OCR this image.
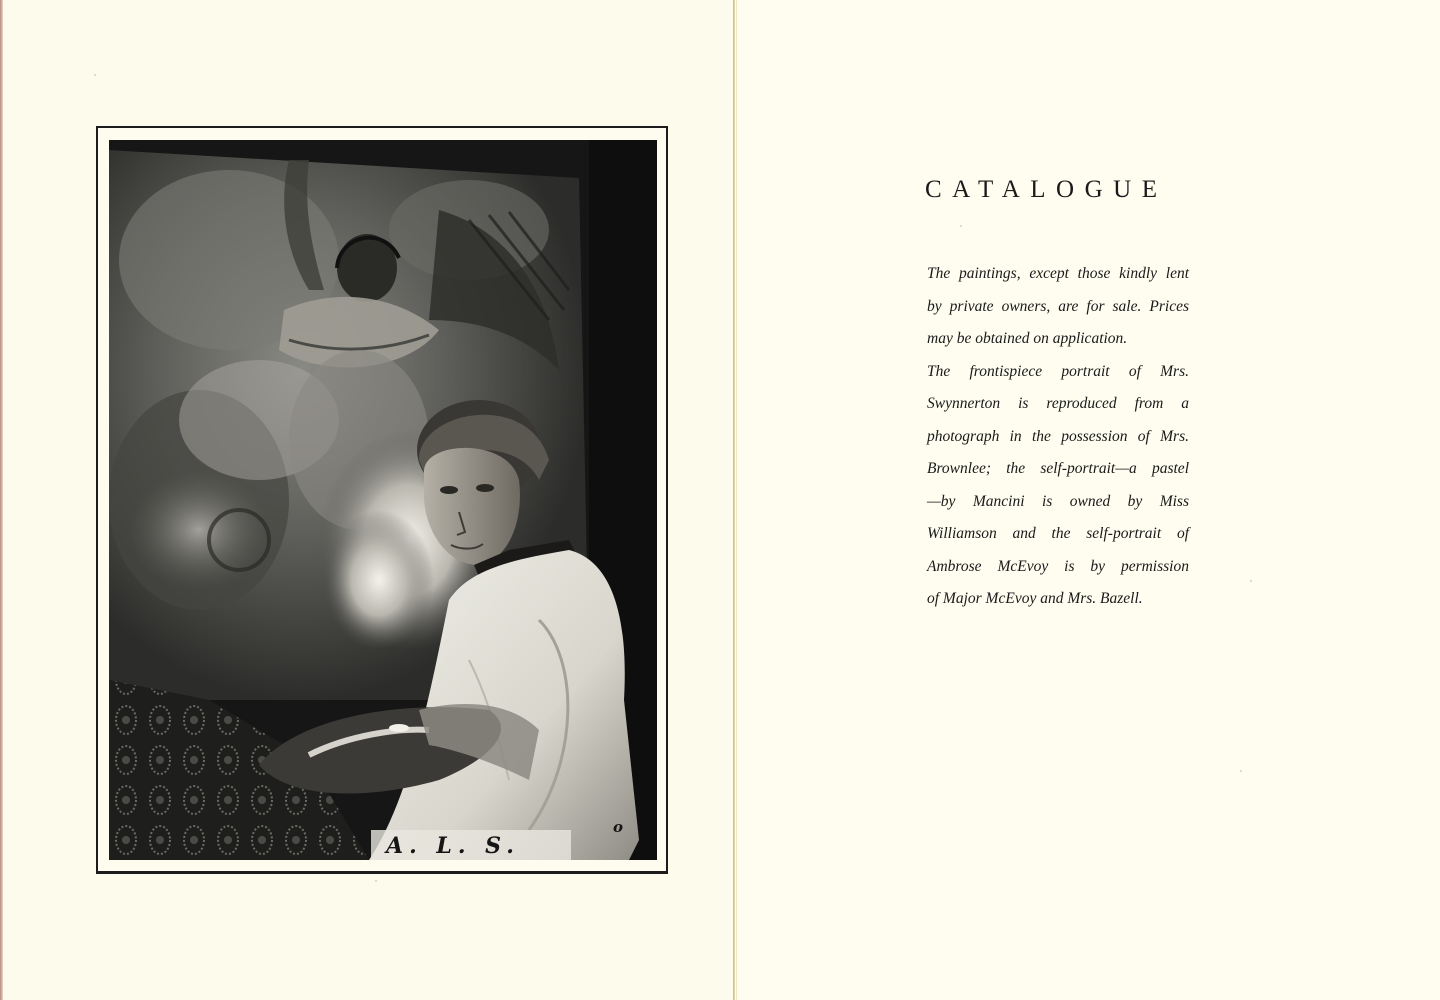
A. L. S.
o
CATALOGUE
The paintings, except those kindly lent
by private owners, are for sale. Prices
may be obtained on application.
The frontispiece portrait of Mrs.
Swynnerton is reproduced from a
photograph in the possession of Mrs.
Brownlee; the self-portrait—a pastel
—by Mancini is owned by Miss
Williamson and the self-portrait of
Ambrose McEvoy is by permission
of Major McEvoy and Mrs. Bazell.
